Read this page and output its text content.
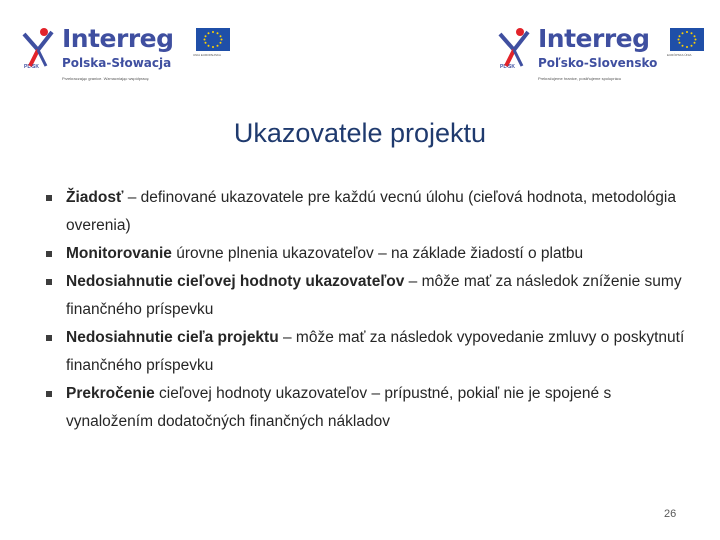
PL-SK
Interreg
Polska-Słowacja
Przekraczając granice. Wzmacniając współpracę
UNIA EUROPEJSKA
PL-SK
Interreg
Poľsko-Slovensko
Prekračujeme hranice, posilňujeme spoluprácu
EURÓPSKA ÚNIA
Ukazovatele projektu
Žiadosť – definované ukazovatele pre každú vecnú úlohu (cieľová hodnota, metodológia overenia)
Monitorovanie úrovne plnenia ukazovateľov – na základe žiadostí o platbu
Nedosiahnutie cieľovej hodnoty ukazovateľov – môže mať za následok zníženie sumy finančného príspevku
Nedosiahnutie cieľa projektu – môže mať za následok vypovedanie zmluvy o poskytnutí finančného príspevku
Prekročenie cieľovej hodnoty ukazovateľov – prípustné, pokiaľ nie je spojené s vynaložením dodatočných finančných nákladov
26
